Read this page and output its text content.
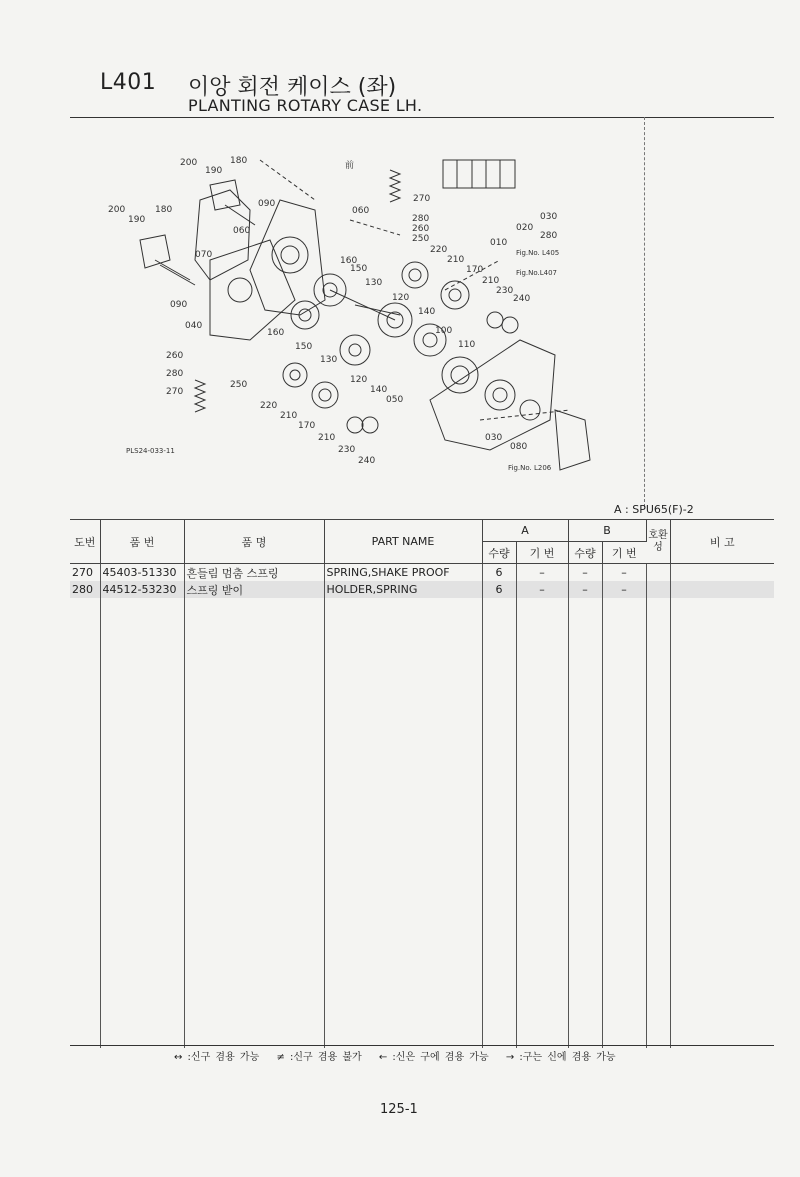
L401 이앙 회전 케이스 (좌)
PLANTING ROTARY CASE LH.
200
190
180
200
190
180
090
060
070
090
040
060
160
150
130
120
140
100
110
160
150
130
120
140
050
260
280
270
250
220
210
170
210
230
240
270
280
260
250
220
210
170
210
230
240
030
080
020
010
030
280
Fig.No. L405
Fig.No.L407
Fig.No. L206
PLS24-033-11
前
A : SPU65(F)-2
도번	품 번	품 명	PART NAME	A		B		호환성	비 고
				수량	기 번	수량	기 번		
270	45403-51330	흔들림 멈춤 스프링	SPRING,SHAKE PROOF	6	–	–	–		
280	44512-53230	스프링 받이	HOLDER,SPRING	6	–	–	–		

↔ :신구 겸용 가능 ≠ :신구 겸용 불가 ← :신은 구에 겸용 가능 → :구는 신에 겸용 가능
125-1
